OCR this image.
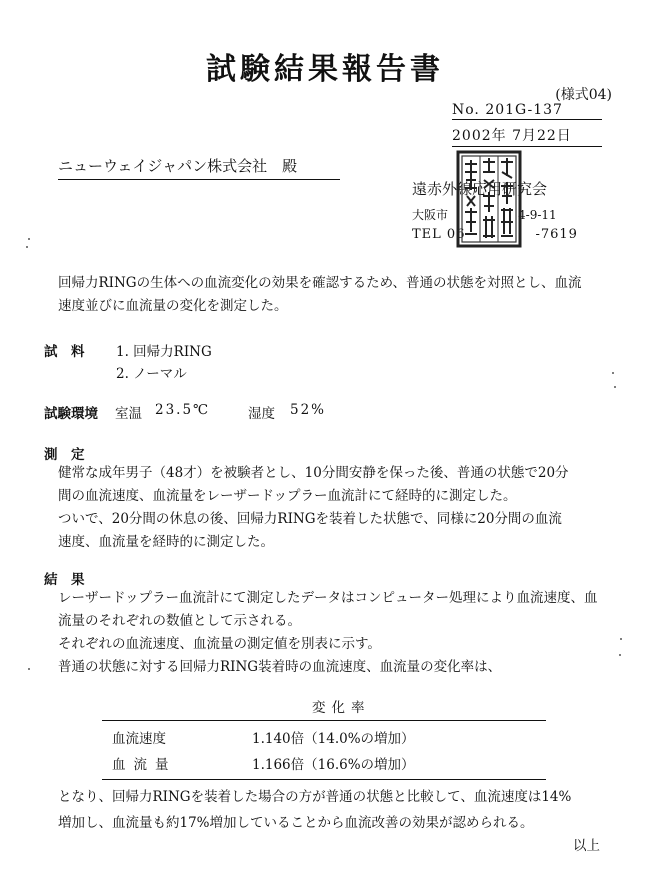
試験結果報告書
(様式04)
No. 201G-137
2002年 7月22日
ニューウェイジャパン株式会社　殿
遠赤外線応用研究会
大阪市	4-9-11
TEL 06	-7619
回帰力RINGの生体への血流変化の効果を確認するため、普通の状態を対照とし、血流
速度並びに血流量の変化を測定した。
試　料 1. 回帰力RING
2. ノーマル
試験環境 室温 23.5℃	湿度 52%
測　定
健常な成年男子（48才）を被験者とし、10分間安静を保った後、普通の状態で20分
間の血流速度、血流量をレーザードップラー血流計にて経時的に測定した。
ついで、20分間の休息の後、回帰力RINGを装着した状態で、同様に20分間の血流
速度、血流量を経時的に測定した。
結　果
レーザードップラー血流計にて測定したデータはコンピューター処理により血流速度、血
流量のそれぞれの数値として示される。
それぞれの血流速度、血流量の測定値を別表に示す。
普通の状態に対する回帰力RING装着時の血流速度、血流量の変化率は、
	変化率
血流速度	1.140倍（14.0%の増加）
血流量	1.166倍（16.6%の増加）
となり、回帰力RINGを装着した場合の方が普通の状態と比較して、血流速度は14%
増加し、血流量も約17%増加していることから血流改善の効果が認められる。
以上
